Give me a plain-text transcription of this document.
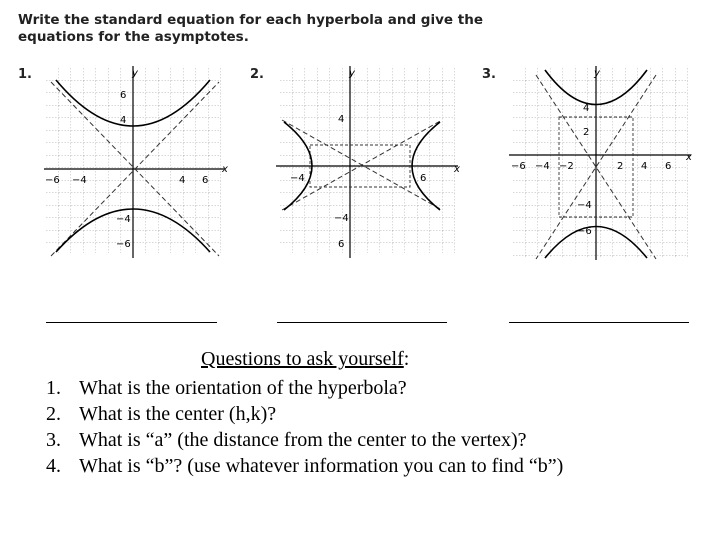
Write the standard equation for each hyperbola and give the
equations for the asymptotes.
1.	2.	3.
y
x
−6 −4	4 6
6
4
−4
−6
y
x
−4	6
4
−4
6
y
x
−6 −4 −2	2 4 6
4
2
−4
−6
Questions to ask yourself:
1. What is the orientation of the hyperbola?
2. What is the center (h,k)?
3. What is “a” (the distance from the center to the vertex)?
4. What is “b”? (use whatever information you can to find “b”)
